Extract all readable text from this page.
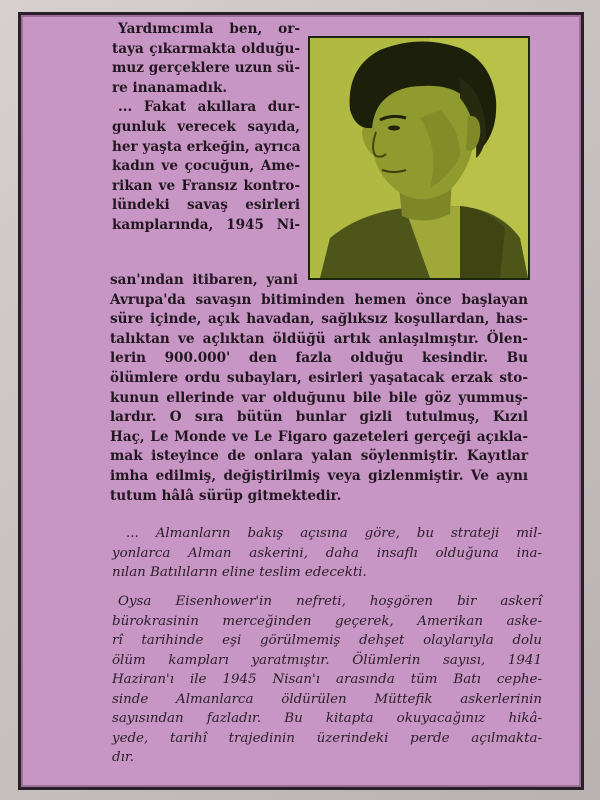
Yardımcımla ben, or-
taya çıkarmakta olduğu-
muz gerçeklere uzun sü-
re inanamadık.
... Fakat akıllara dur-
gunluk verecek sayıda,
her yaşta erkeğin, ayrıca
kadın ve çocuğun, Ame-
rikan ve Fransız kontro-
lündeki savaş esirleri
kamplarında, 1945 Ni-
san'ından itibaren, yani
Avrupa'da savaşın bitiminden hemen önce başlayan
süre içinde, açık havadan, sağlıksız koşullardan, has-
talıktan ve açlıktan öldüğü artık anlaşılmıştır. Ölen-
lerin 900.000' den fazla olduğu kesindir. Bu
ölümlere ordu subayları, esirleri yaşatacak erzak sto-
kunun ellerinde var olduğunu bile bile göz yummuş-
lardır. O sıra bütün bunlar gizli tutulmuş, Kızıl
Haç, Le Monde ve Le Figaro gazeteleri gerçeği açıkla-
mak isteyince de onlara yalan söylenmiştir. Kayıtlar
imha edilmiş, değiştirilmiş veya gizlenmiştir. Ve aynı
tutum hâlâ sürüp gitmektedir.
... Almanların bakış açısına göre, bu strateji mil-
yonlarca Alman askerini, daha insaflı olduğuna ina-
nılan Batılıların eline teslim edecekti.
Oysa Eisenhower'in nefreti, hoşgören bir askerî
bürokrasinin merceğinden geçerek, Amerikan aske-
rî tarihinde eşi görülmemiş dehşet olaylarıyla dolu
ölüm kampları yaratmıştır. Ölümlerin sayısı, 1941
Haziran'ı ile 1945 Nisan'ı arasında tüm Batı cephe-
sinde Almanlarca öldürülen Müttefik askerlerinin
sayısından fazladır. Bu kitapta okuyacağınız hikâ-
yede, tarihî trajedinin üzerindeki perde açılmakta-
dır.
